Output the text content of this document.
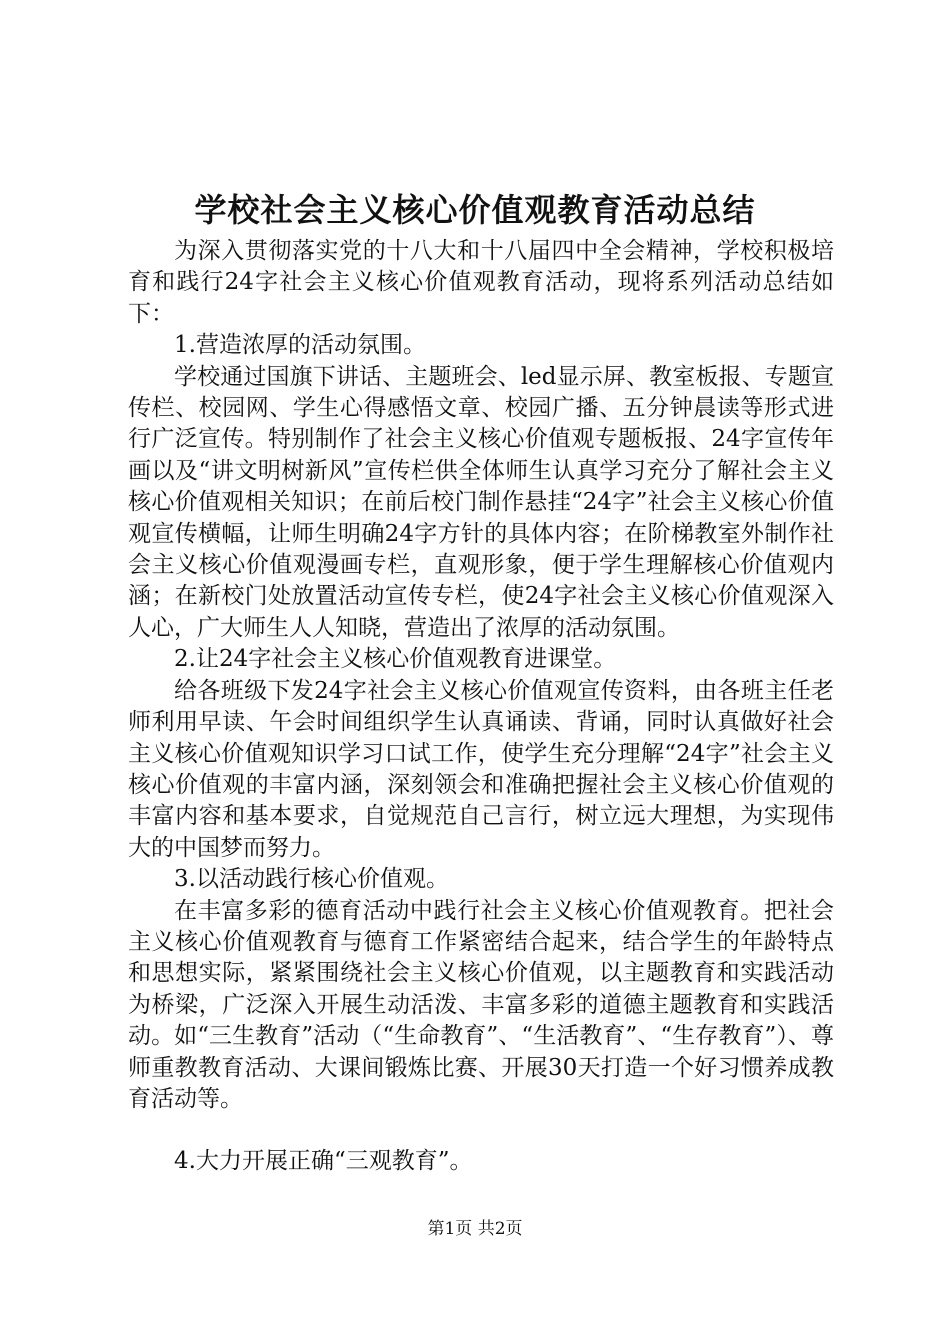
学校社会主义核心价值观教育活动总结

为深入贯彻落实党的十八大和十八届四中全会精神，学校积极培育和践行24字社会主义核心价值观教育活动，现将系列活动总结如下：

1.营造浓厚的活动氛围。

学校通过国旗下讲话、主题班会、led显示屏、教室板报、专题宣传栏、校园网、学生心得感悟文章、校园广播、五分钟晨读等形式进行广泛宣传。特别制作了社会主义核心价值观专题板报、24字宣传年画以及“讲文明树新风”宣传栏供全体师生认真学习充分了解社会主义核心价值观相关知识；在前后校门制作悬挂“24字”社会主义核心价值观宣传横幅，让师生明确24字方针的具体内容；在阶梯教室外制作社会主义核心价值观漫画专栏，直观形象，便于学生理解核心价值观内涵；在新校门处放置活动宣传专栏，使24字社会主义核心价值观深入人心，广大师生人人知晓，营造出了浓厚的活动氛围。

2.让24字社会主义核心价值观教育进课堂。

给各班级下发24字社会主义核心价值观宣传资料，由各班主任老师利用早读、午会时间组织学生认真诵读、背诵，同时认真做好社会主义核心价值观知识学习口试工作，使学生充分理解“24字”社会主义核心价值观的丰富内涵，深刻领会和准确把握社会主义核心价值观的丰富内容和基本要求，自觉规范自己言行，树立远大理想，为实现伟大的中国梦而努力。

3.以活动践行核心价值观。

在丰富多彩的德育活动中践行社会主义核心价值观教育。把社会主义核心价值观教育与德育工作紧密结合起来，结合学生的年龄特点和思想实际，紧紧围绕社会主义核心价值观，以主题教育和实践活动为桥梁，广泛深入开展生动活泼、丰富多彩的道德主题教育和实践活动。如“三生教育”活动（“生命教育”、“生活教育”、“生存教育”）、尊师重教教育活动、大课间锻炼比赛、开展30天打造一个好习惯养成教育活动等。

4.大力开展正确“三观教育”。

第1页 共2页
